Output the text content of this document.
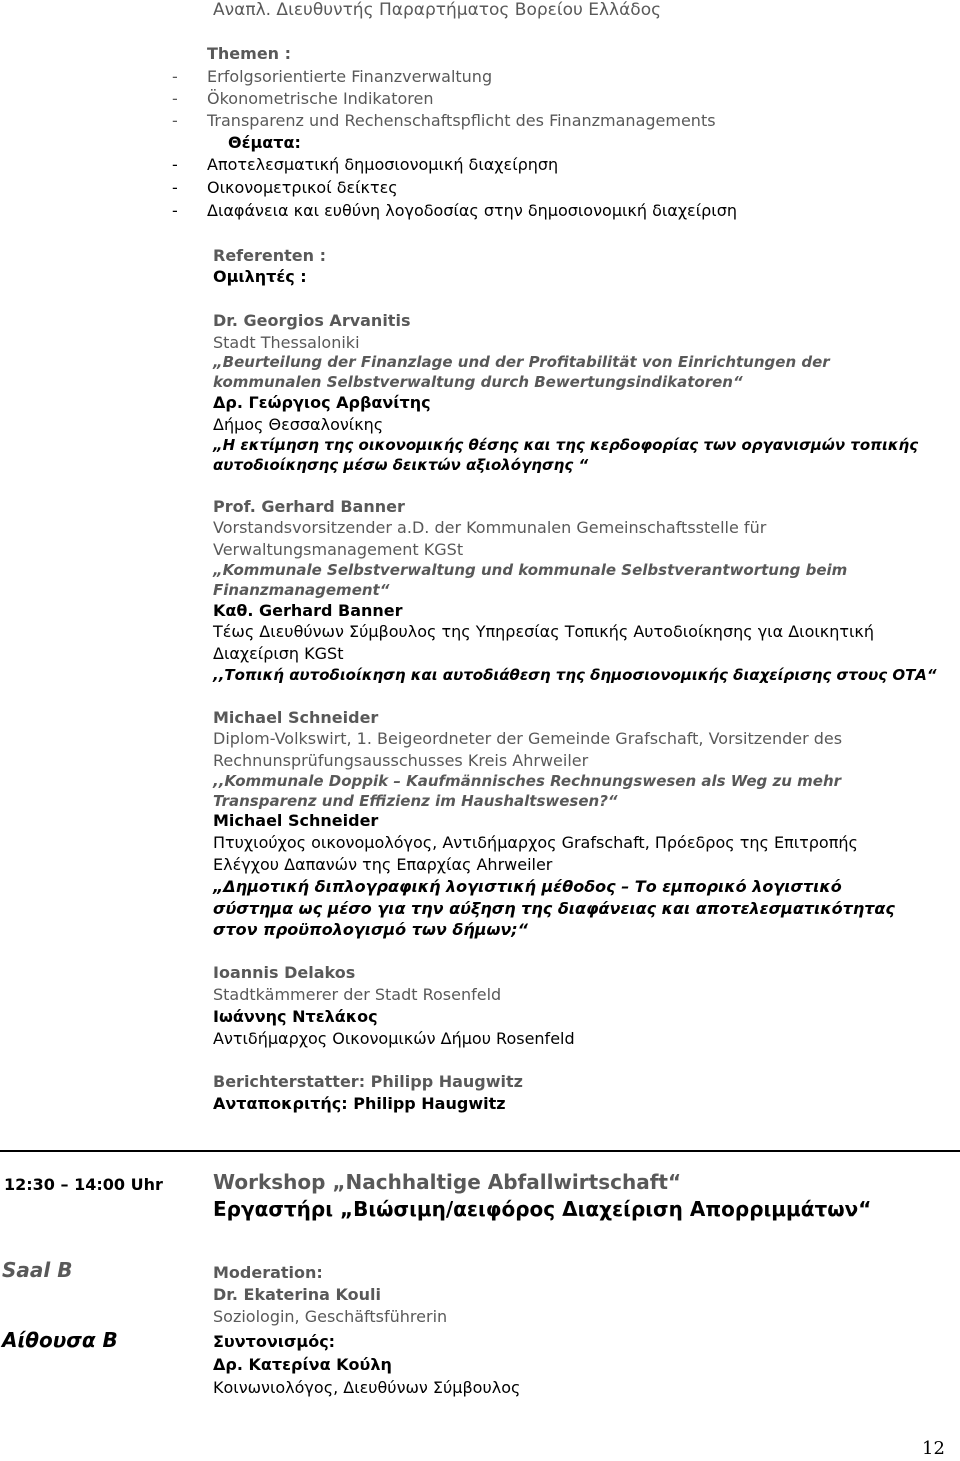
Αναπλ. Διευθυντής Παραρτήματος Βορείου Ελλάδος
Themen :
- Erfolgsorientierte Finanzverwaltung
- Ökonometrische Indikatoren
- Transparenz und Rechenschaftspflicht des Finanzmanagements
Θέματα:
- Αποτελεσματική δημοσιονομική διαχείρηση
- Οικονομετρικοί δείκτες
- Διαφάνεια και ευθύνη λογοδοσίας στην δημοσιονομική διαχείριση
Referenten :
Ομιλητές :
Dr. Georgios Arvanitis
Stadt Thessaloniki
„Beurteilung der Finanzlage und der Profitabilität von Einrichtungen der
kommunalen Selbstverwaltung durch Bewertungsindikatoren“
Δρ. Γεώργιος Αρβανίτης
Δήμος Θεσσαλονίκης
„Η εκτίμηση της οικονομικής θέσης και της κερδοφορίας των οργανισμών τοπικής
αυτοδιοίκησης μέσω δεικτών αξιολόγησης “
Prof. Gerhard Banner
Vorstandsvorsitzender a.D. der Kommunalen Gemeinschaftsstelle für
Verwaltungsmanagement KGSt
„Kommunale Selbstverwaltung und kommunale Selbstverantwortung beim
Finanzmanagement“
Καθ. Gerhard Banner
Τέως Διευθύνων Σύμβουλος της Υπηρεσίας Τοπικής Αυτοδιοίκησης για Διοικητική
Διαχείριση KGSt
,,Τοπική αυτοδιοίκηση και αυτοδιάθεση της δημοσιονομικής διαχείρισης στους ΟΤΑ“
Michael Schneider
Diplom-Volkswirt, 1. Beigeordneter der Gemeinde Grafschaft, Vorsitzender des
Rechnunsprüfungsausschusses Kreis Ahrweiler
,,Kommunale Doppik – Kaufmännisches Rechnungswesen als Weg zu mehr
Transparenz und Effizienz im Haushaltswesen?“
Michael Schneider
Πτυχιούχος οικονομολόγος, Αντιδήμαρχος Grafschaft, Πρόεδρος της Επιτροπής
Ελέγχου Δαπανών της Επαρχίας Ahrweiler
„Δημοτική διπλογραφική λογιστική μέθοδος – Το εμπορικό λογιστικό
σύστημα ως μέσο για την αύξηση της διαφάνειας και αποτελεσματικότητας
στον προϋπολογισμό των δήμων;“
Ioannis Delakos
Stadtkämmerer der Stadt Rosenfeld
Ιωάννης Ντελάκος
Αντιδήμαρχος Οικονομικών Δήμου Rosenfeld
Berichterstatter: Philipp Haugwitz
Ανταποκριτής: Philipp Haugwitz
12:30 – 14:00 Uhr	Workshop „Nachhaltige Abfallwirtschaft“
Εργαστήρι „Βιώσιμη/αειφόρος Διαχείριση Απορριμμάτων“
Saal B
Αίθουσα Β
Moderation:
Dr. Ekaterina Kouli
Soziologin, Geschäftsführerin
Συντονισμός:
Δρ. Κατερίνα Κούλη
Κοινωνιολόγος, Διευθύνων Σύμβουλος
12
